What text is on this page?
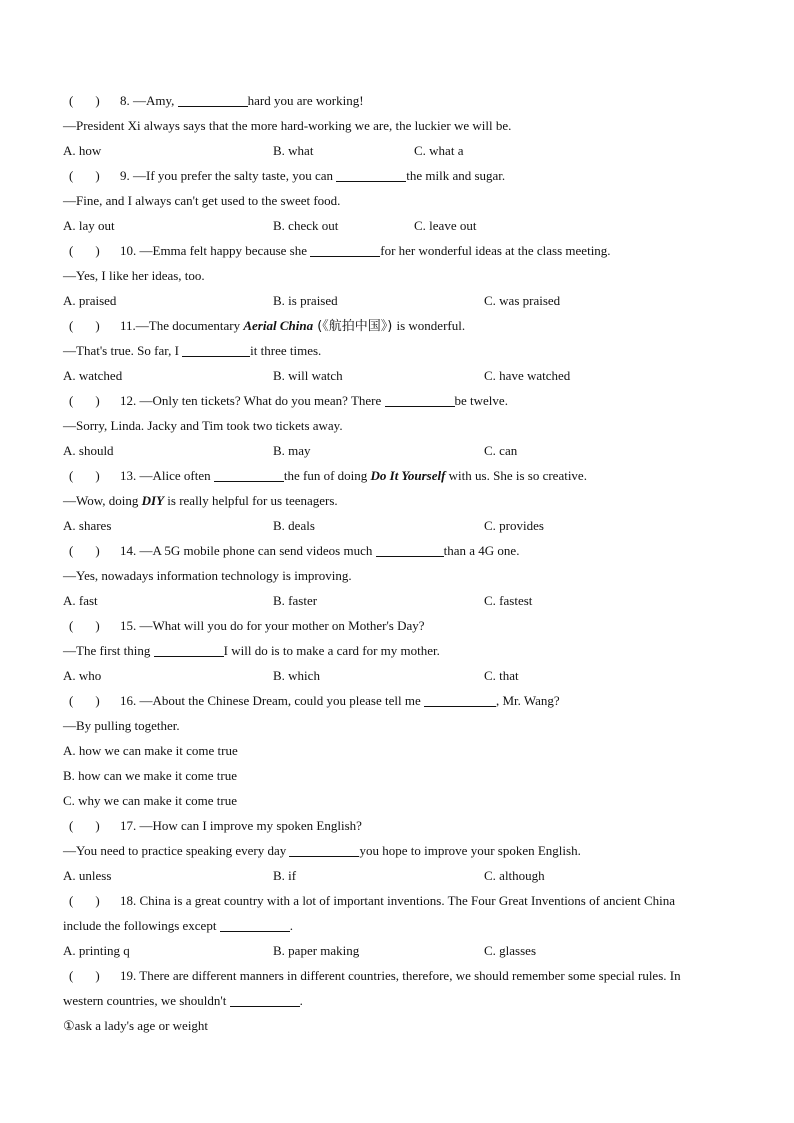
( ) 8. —Amy,	hard you are working!
—President Xi always says that the more hard-working we are, the luckier we will be.
A. how	B. what	C. what a
( ) 9. —If you prefer the salty taste, you can	the milk and sugar.
—Fine, and I always can't get used to the sweet food.
A. lay out	B. check out	C. leave out
( ) 10. —Emma felt happy because she	for her wonderful ideas at the class meeting.
—Yes, I like her ideas, too.
A. praised	B. is praised	C. was praised
( ) 11.—The documentary Aerial China (《航拍中国》) is wonderful.
—That's true. So far, I	it three times.
A. watched	B. will watch	C. have watched
( ) 12. —Only ten tickets? What do you mean? There	be twelve.
—Sorry, Linda. Jacky and Tim took two tickets away.
A. should	B. may	C. can
( ) 13. —Alice often	the fun of doing Do It Yourself with us. She is so creative.
—Wow, doing DIY is really helpful for us teenagers.
A. shares	B. deals	C. provides
( ) 14. —A 5G mobile phone can send videos much	than a 4G one.
—Yes, nowadays information technology is improving.
A. fast	B. faster	C. fastest
( ) 15. —What will you do for your mother on Mother's Day?
—The first thing	I will do is to make a card for my mother.
A. who	B. which	C. that
( ) 16. —About the Chinese Dream, could you please tell me	, Mr. Wang?
—By pulling together.
A. how we can make it come true
B. how can we make it come true
C. why we can make it come true
( ) 17. —How can I improve my spoken English?
—You need to practice speaking every day	you hope to improve your spoken English.
A. unless	B. if	C. although
( ) 18. China is a great country with a lot of important inventions. The Four Great Inventions of ancient China
include the followings except	.
A. printing q	B. paper making	C. glasses
( ) 19. There are different manners in different countries, therefore, we should remember some special rules. In
western countries, we shouldn't	.
①ask a lady's age or weight
